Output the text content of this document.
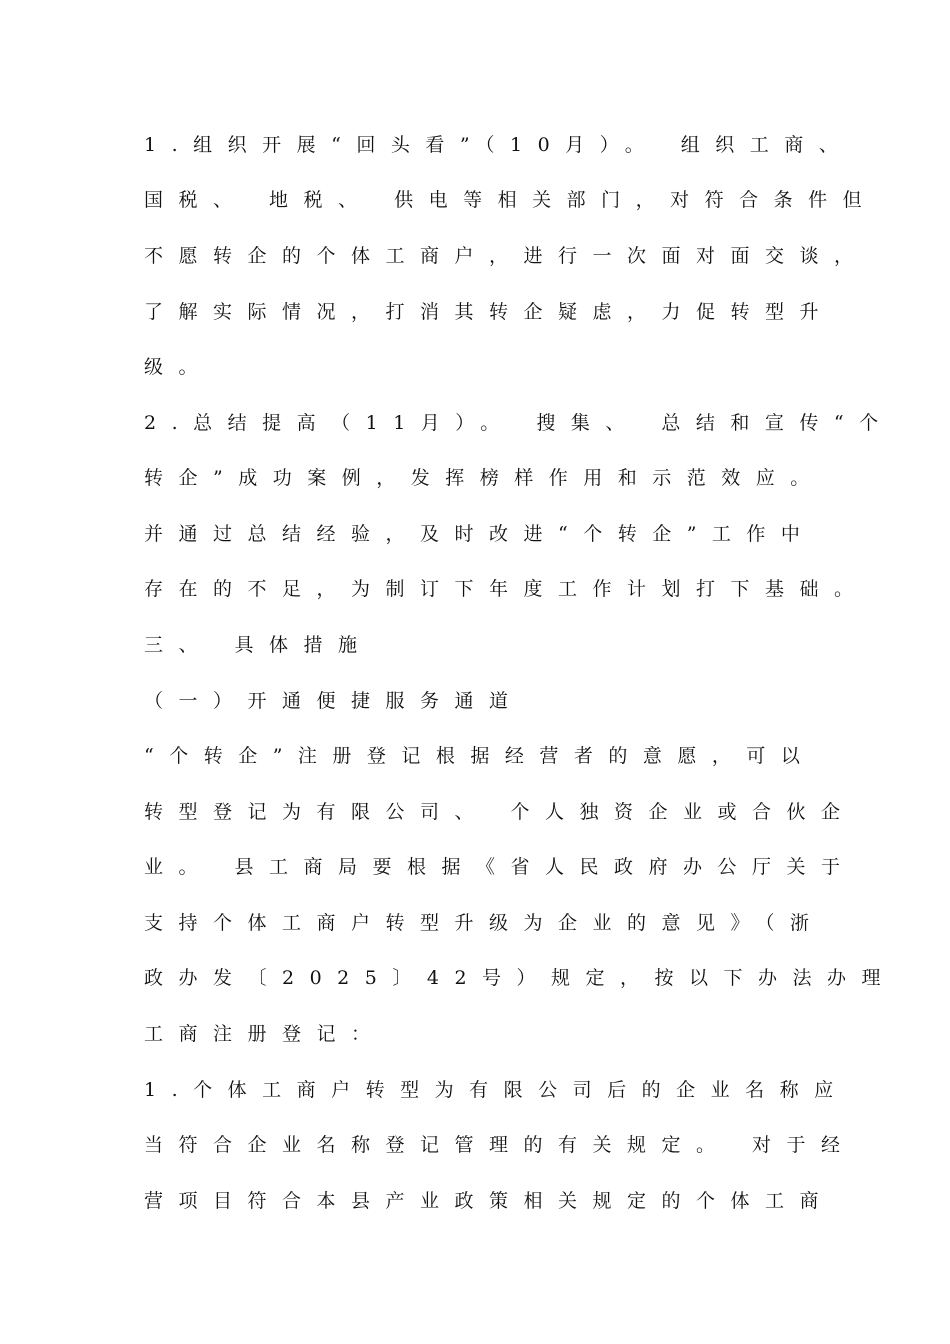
1.组织开展“回头看”（10月）。 组织工商、
国税、 地税、 供电等相关部门，对符合条件但
不愿转企的个体工商户，进行一次面对面交谈，
了解实际情况，打消其转企疑虑，力促转型升
级。
2.总结提高（11月）。 搜集、 总结和宣传“个
转企”成功案例，发挥榜样作用和示范效应。
并通过总结经验，及时改进“个转企”工作中
存在的不足，为制订下年度工作计划打下基础。
三、 具体措施
（一）开通便捷服务通道
“个转企”注册登记根据经营者的意愿，可以
转型登记为有限公司、 个人独资企业或合伙企
业。 县工商局要根据《省人民政府办公厅关于
支持个体工商户转型升级为企业的意见》（浙
政办发〔2025〕42号）规定，按以下办法办理
工商注册登记：
1.个体工商户转型为有限公司后的企业名称应
当符合企业名称登记管理的有关规定。 对于经
营项目符合本县产业政策相关规定的个体工商
